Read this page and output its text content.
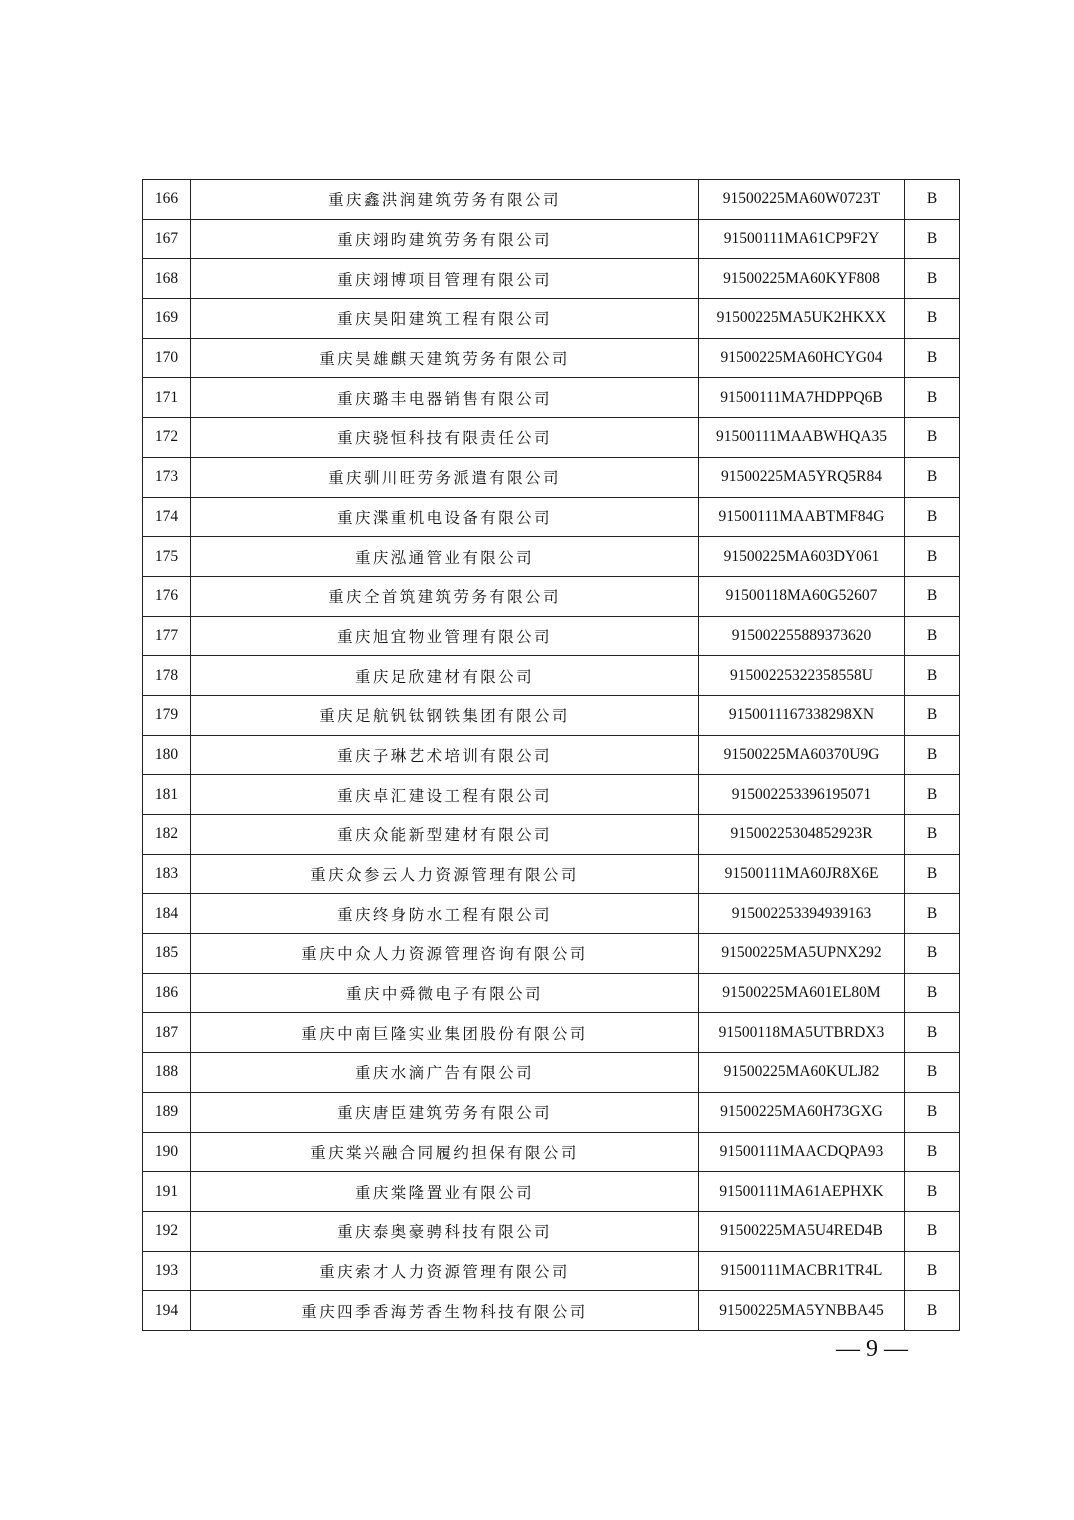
166	重庆鑫洪润建筑劳务有限公司	91500225MA60W0723T	B
167	重庆翊昀建筑劳务有限公司	91500111MA61CP9F2Y	B
168	重庆翊博项目管理有限公司	91500225MA60KYF808	B
169	重庆昊阳建筑工程有限公司	91500225MA5UK2HKXX	B
170	重庆昊雄麒天建筑劳务有限公司	91500225MA60HCYG04	B
171	重庆璐丰电器销售有限公司	91500111MA7HDPPQ6B	B
172	重庆骁恒科技有限责任公司	91500111MAABWHQA35	B
173	重庆驯川旺劳务派遣有限公司	91500225MA5YRQ5R84	B
174	重庆渫重机电设备有限公司	91500111MAABTMF84G	B
175	重庆泓通管业有限公司	91500225MA603DY061	B
176	重庆仝首筑建筑劳务有限公司	91500118MA60G52607	B
177	重庆旭宜物业管理有限公司	915002255889373620	B
178	重庆足欣建材有限公司	91500225322358558U	B
179	重庆足航钒钛钢铁集团有限公司	9150011167338298XN	B
180	重庆子琳艺术培训有限公司	91500225MA60370U9G	B
181	重庆卓汇建设工程有限公司	915002253396195071	B
182	重庆众能新型建材有限公司	91500225304852923R	B
183	重庆众参云人力资源管理有限公司	91500111MA60JR8X6E	B
184	重庆终身防水工程有限公司	915002253394939163	B
185	重庆中众人力资源管理咨询有限公司	91500225MA5UPNX292	B
186	重庆中舜微电子有限公司	91500225MA601EL80M	B
187	重庆中南巨隆实业集团股份有限公司	91500118MA5UTBRDX3	B
188	重庆水滴广告有限公司	91500225MA60KULJ82	B
189	重庆唐臣建筑劳务有限公司	91500225MA60H73GXG	B
190	重庆棠兴融合同履约担保有限公司	91500111MAACDQPA93	B
191	重庆棠隆置业有限公司	91500111MA61AEPHXK	B
192	重庆泰奥豪骋科技有限公司	91500225MA5U4RED4B	B
193	重庆索才人力资源管理有限公司	91500111MACBR1TR4L	B
194	重庆四季香海芳香生物科技有限公司	91500225MA5YNBBA45	B
— 9 —
